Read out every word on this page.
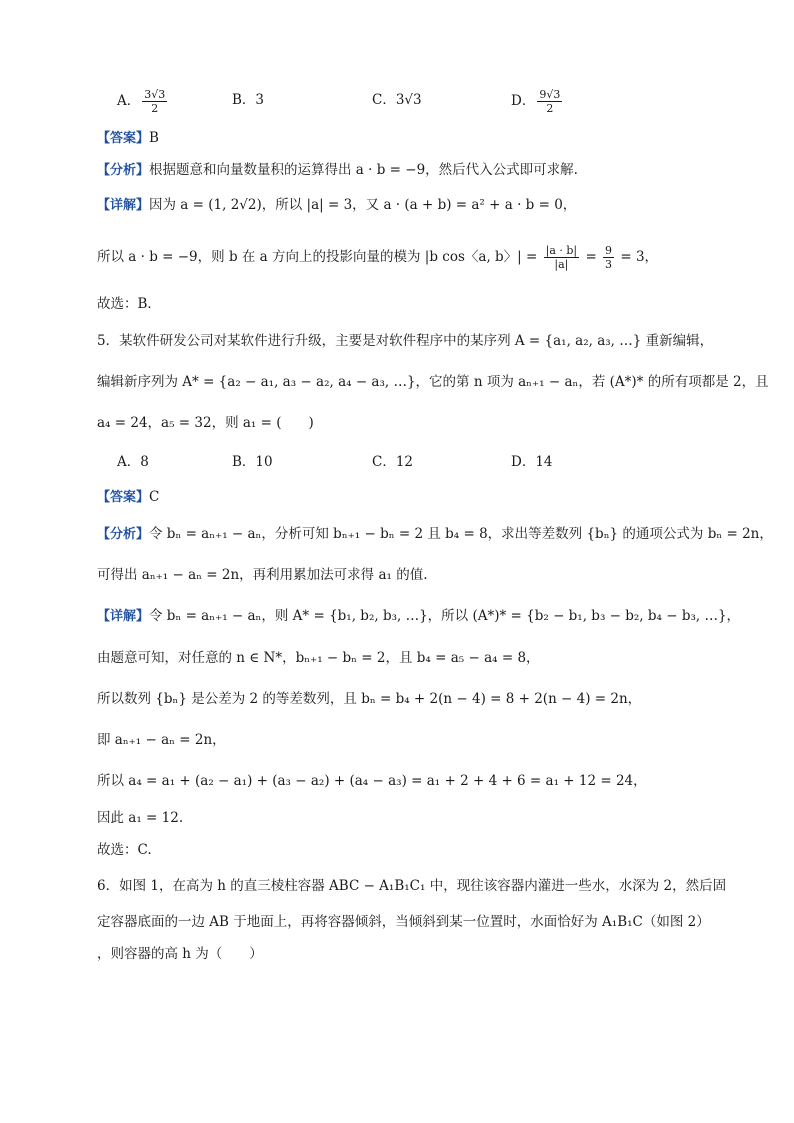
A． $\frac{3√3}{2}$	B．3	C．3√3	D． $\frac{9√3}{2}$
【答案】B
【分析】根据题意和向量数量积的运算得出 a · b = −9，然后代入公式即可求解.
【详解】因为 a = (1, 2√2)，所以 |a| = 3，又 a · (a + b) = a² + a · b = 0，
所以 a · b = −9，则 b 在 a 方向上的投影向量的模为 |b cos〈a, b〉| = $\frac{|a \cdot b|}{|a|} = \frac{9}{3} = 3$，
故选：B．
5．某软件研发公司对某软件进行升级，主要是对软件程序中的某序列 A = {a₁, a₂, a₃, …} 重新编辑，
编辑新序列为 A* = {a₂ − a₁, a₃ − a₂, a₄ − a₃, …}，它的第 n 项为 aₙ₊₁ − aₙ，若 (A*)* 的所有项都是 2，且
a₄ = 24，a₅ = 32，则 a₁ = (　　)
A．8	B．10	C．12	D．14
【答案】C
【分析】令 bₙ = aₙ₊₁ − aₙ，分析可知 bₙ₊₁ − bₙ = 2 且 b₄ = 8，求出等差数列 {bₙ} 的通项公式为 bₙ = 2n，
可得出 aₙ₊₁ − aₙ = 2n，再利用累加法可求得 a₁ 的值.
【详解】令 bₙ = aₙ₊₁ − aₙ，则 A* = {b₁, b₂, b₃, …}，所以 (A*)* = {b₂ − b₁, b₃ − b₂, b₄ − b₃, …}，
由题意可知，对任意的 n ∈ N*，bₙ₊₁ − bₙ = 2，且 b₄ = a₅ − a₄ = 8，
所以数列 {bₙ} 是公差为 2 的等差数列，且 bₙ = b₄ + 2(n − 4) = 8 + 2(n − 4) = 2n，
即 aₙ₊₁ − aₙ = 2n，
所以 a₄ = a₁ + (a₂ − a₁) + (a₃ − a₂) + (a₄ − a₃) = a₁ + 2 + 4 + 6 = a₁ + 12 = 24，
因此 a₁ = 12.
故选：C.
6．如图 1，在高为 h 的直三棱柱容器 ABC − A₁B₁C₁ 中，现往该容器内灌进一些水，水深为 2，然后固
定容器底面的一边 AB 于地面上，再将容器倾斜，当倾斜到某一位置时，水面恰好为 A₁B₁C（如图 2）
，则容器的高 h 为（　　）
